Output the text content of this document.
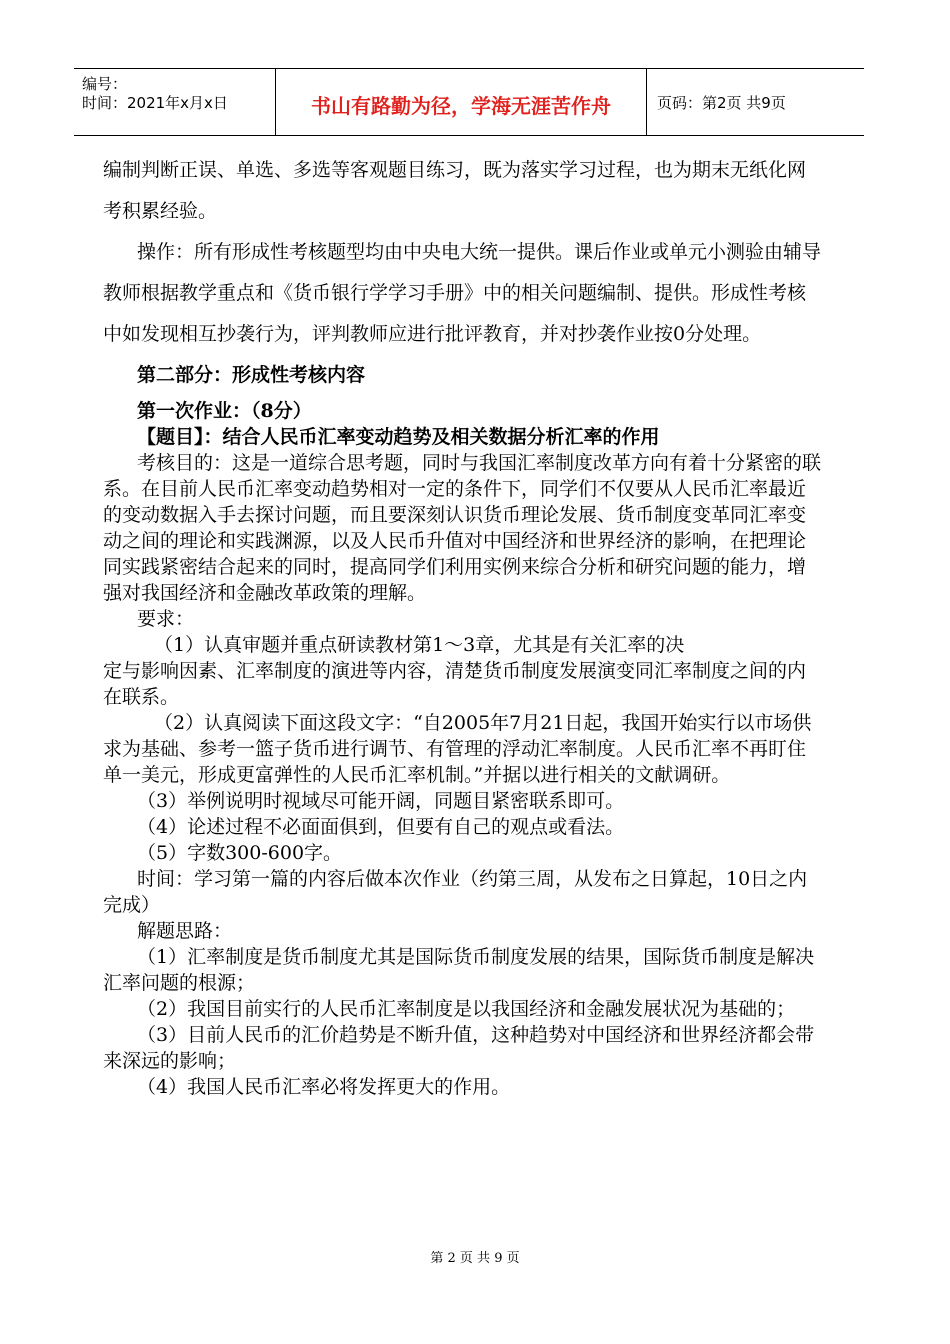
编号：
时间：2021年x月x日	书山有路勤为径，学海无涯苦作舟	页码：第2页 共9页

编制判断正误、单选、多选等客观题目练习，既为落实学习过程，也为期末无纸化网考积累经验。

操作：所有形成性考核题型均由中央电大统一提供。课后作业或单元小测验由辅导教师根据教学重点和《货币银行学学习手册》中的相关问题编制、提供。形成性考核中如发现相互抄袭行为，评判教师应进行批评教育，并对抄袭作业按0分处理。

第二部分：形成性考核内容

第一次作业：（8分）

【题目】：结合人民币汇率变动趋势及相关数据分析汇率的作用

考核目的：这是一道综合思考题，同时与我国汇率制度改革方向有着十分紧密的联系。在目前人民币汇率变动趋势相对一定的条件下，同学们不仅要从人民币汇率最近的变动数据入手去探讨问题，而且要深刻认识货币理论发展、货币制度变革同汇率变动之间的理论和实践渊源，以及人民币升值对中国经济和世界经济的影响，在把理论同实践紧密结合起来的同时，提高同学们利用实例来综合分析和研究问题的能力，增强对我国经济和金融改革政策的理解。

要求：

（1）认真审题并重点研读教材第1～3章，尤其是有关汇率的决

定与影响因素、汇率制度的演进等内容，清楚货币制度发展演变同汇率制度之间的内在联系。

（2）认真阅读下面这段文字：“自2005年7月21日起，我国开始实行以市场供求为基础、参考一篮子货币进行调节、有管理的浮动汇率制度。人民币汇率不再盯住单一美元，形成更富弹性的人民币汇率机制。”并据以进行相关的文献调研。

（3）举例说明时视域尽可能开阔，同题目紧密联系即可。

（4）论述过程不必面面俱到，但要有自己的观点或看法。

（5）字数300-600字。

时间：学习第一篇的内容后做本次作业（约第三周，从发布之日算起，10日之内完成）

解题思路：

（1）汇率制度是货币制度尤其是国际货币制度发展的结果，国际货币制度是解决汇率问题的根源；

（2）我国目前实行的人民币汇率制度是以我国经济和金融发展状况为基础的；

（3）目前人民币的汇价趋势是不断升值，这种趋势对中国经济和世界经济都会带来深远的影响；

（4）我国人民币汇率必将发挥更大的作用。

第 2 页 共 9 页
